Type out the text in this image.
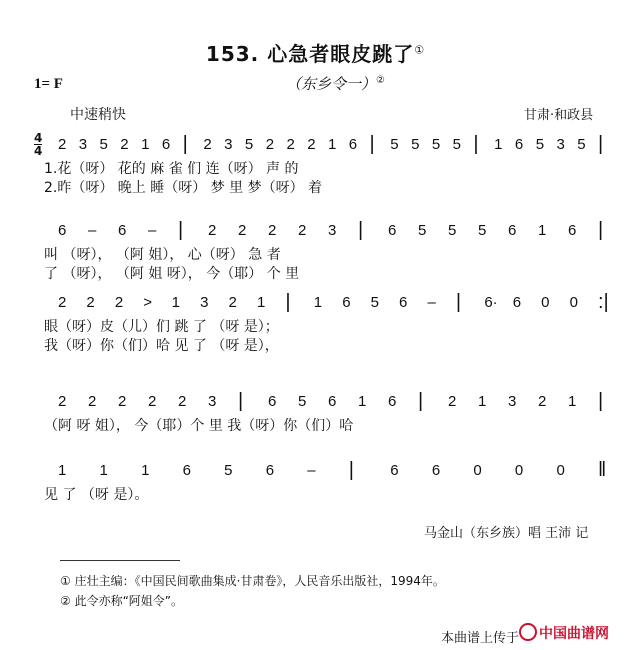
153. 心急者眼皮跳了①
1= F	（东乡令一）②
中速稍快	甘肃·和政县
4
4 2 3 5 2 1 6 | 2 3 5 2 2 2 1 6 | 5 5 5 5 | 1 6 5 3 5 |
1.花（呀） 花的 麻 雀 们 连（呀） 声 的
2.昨（呀） 晚上 睡（呀） 梦 里 梦（呀） 着
6 – 6 – | 2 2 2 2 3 | 6 5 5 5 6 1 6 |
叫 （呀）， （阿 姐）， 心（呀） 急 者
了 （呀）， （阿 姐 呀）， 今（耶） 个 里
2 2 2 > 1 3 2 1 | 1 6 5 6 – | 6· 6 0 0 :|
眼（呀）皮（儿）们 跳 了 （呀 是）；
我（呀）你（们）哈 见 了 （呀 是），
2 2 2 2 2 3 | 6 5 6 1 6 | 2 1 3 2 1 |
（阿 呀 姐）， 今（耶）个 里 我（呀）你（们）哈
1 1 1 6 5 6 – | 6 6 0 0 0 ‖
见 了 （呀 是）。
马金山（东乡族）唱 王沛 记
① 庄壮主编：《中国民间歌曲集成·甘肃卷》，人民音乐出版社，1994年。
② 此令亦称“阿姐令”。
本曲谱上传于	中国曲谱网
